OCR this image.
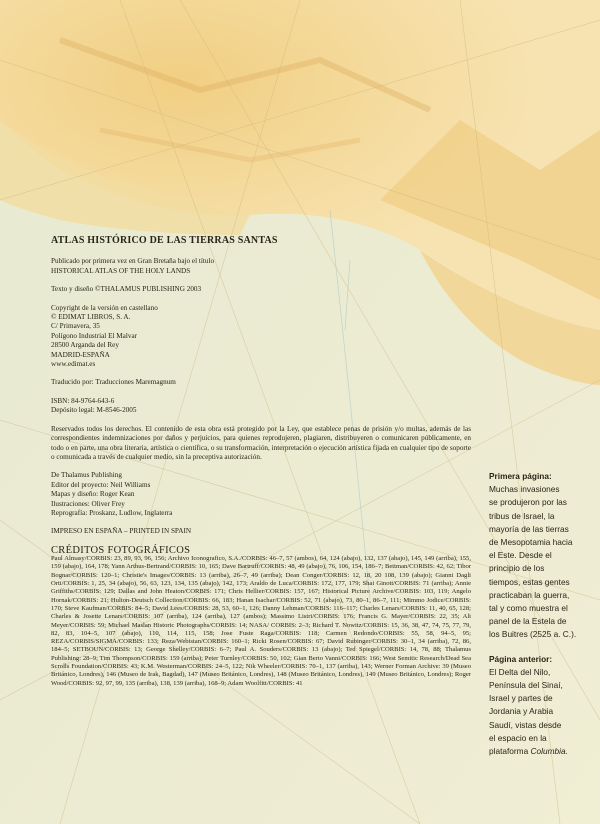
ATLAS HISTÓRICO DE LAS TIERRAS SANTAS

Publicado por primera vez en Gran Bretaña bajo el título

HISTORICAL ATLAS OF THE HOLY LANDS

Texto y diseño ©THALAMUS PUBLISHING 2003

Copyright de la versión en castellano

© EDIMAT LIBROS, S. A.

C/ Primavera, 35

Polígono Industrial El Malvar

28500 Arganda del Rey

MADRID-ESPAÑA

www.edimat.es

Traducido por: Traducciones Maremagnum

ISBN: 84-9764-643-6

Depósito legal: M-8546-2005

Reservados todos los derechos. El contenido de esta obra está protegido por la Ley, que establece penas de prisión y/o multas, además de las correspondientes indemnizaciones por daños y perjuicios, para quienes reprodujeren, plagiaren, distribuyeren o comunicaren públicamente, en todo o en parte, una obra literaria, artística o científica, o su transformación, interpretación o ejecución artística fijada en cualquier tipo de soporte o comunicada a través de cualquier medio, sin la preceptiva autorización.

De Thalamus Publishing

Editor del proyecto: Neil Williams

Mapas y diseño: Roger Kean

Ilustraciones: Oliver Frey

Reprografía: Proskanz, Ludlow, Inglaterra

IMPRESO EN ESPAÑA – PRINTED IN SPAIN

CRÉDITOS FOTOGRÁFICOS

Paul Almasy/CORBIS: 23, 89, 93, 96, 156; Archivo Iconografico, S.A./CORBIS: 46–7, 57 (ambos), 64, 124 (abajo), 132, 137 (abajo), 145, 149 (arriba), 155, 159 (abajo), 164, 178; Yann Arthus-Bertrand/CORBIS: 10, 165; Dave Bartruff/CORBIS: 48, 49 (abajo), 76, 106, 154, 186–7; Bettman/CORBIS: 42, 62; Tibor Bognar/CORBIS: 120–1; Christie's Images/CORBIS: 13 (arriba), 26–7, 49 (arriba); Dean Conger/CORBIS: 12, 18, 20 108, 139 (abajo); Gianni Dagli Orti/CORBIS: 1, 25, 34 (abajo), 56, 63, 123, 134, 135 (abajo), 142, 173; Araldo de Luca/CORBIS: 172, 177, 179; Shai Ginott/CORBIS: 71 (arriba); Annie Griffiths/CORBIS: 129; Dallas and John Heaton/CORBIS: 171; Chris Hellier/CORBIS: 157, 167; Historical Picture Archive/CORBIS: 103, 119; Angelo Hornak/CORBIS: 21; Hulton-Deutsch Collection/CORBIS: 66, 183; Hanan Isachar/CORBIS: 52, 71 (abajo), 73, 80–1, 86–7, 111; Mimmo Jodice/CORBIS: 170; Steve Kaufman/CORBIS: 84–5; David Lees/CORBIS: 28, 53, 60–1, 126; Danny Lehman/CORBIS: 116–117; Charles Lenars/CORBIS: 11, 40, 65, 128; Charles & Josette Lenars/CORBIS: 107 (arriba), 124 (arriba), 127 (ambos); Massimo Listri/CORBIS: 176; Francis G. Mayer/CORBIS: 22, 35; Ali Meyer/CORBIS: 59; Michael Maslan Historic Photographs/CORBIS: 14; NASA/ CORBIS: 2–3; Richard T. Nowitz/CORBIS: 15, 36, 38, 47, 74, 75, 77, 79, 82, 83, 104–5, 107 (abajo), 110, 114, 115, 158; Jose Fuste Raga/CORBIS: 118; Carmen Redondo/CORBIS: 55, 58, 94–5, 95; REZA/CORBIS/SIGMA/CORBIS: 133; Reza/Webistan/CORBIS: 160–1; Ricki Rosen/CORBIS: 67; David Rubinger/CORBIS: 30–1, 34 (arriba), 72, 86, 184–5; SETBOUN/CORBIS: 13; George Shelley/CORBIS: 6–7; Paul A. Souders/CORBIS: 13 (abajo); Ted Spiegel/CORBIS: 14, 78, 88; Thalamus Publishing: 28–9; Tim Thompson/CORBIS: 159 (arriba); Peter Turnley/CORBIS: 50, 102; Gian Berto Vanni/CORBIS: 166; West Semitic Research/Dead Sea Scrolls Foundation/CORBIS: 43; K.M. Westerman/CORBIS: 24–5, 122; Nik Wheeler/CORBIS: 70–1, 137 (arriba), 143; Werner Forman Archive: 39 (Museo Británico, Londres), 146 (Museo de Irak, Bagdad), 147 (Museo Británico, Londres), 148 (Museo Británico, Londres), 149 (Museo Británico, Londres); Roger Wood/CORBIS: 92, 97, 99, 135 (arriba), 138, 139 (arriba), 168–9; Adam Woolfitt/CORBIS: 41

Primera página:

Muchas invasiones

se produjeron por las

tribus de Israel, la

mayoría de las tierras

de Mesopotamia hacia

el Este. Desde el

principio de los

tiempos, estas gentes

practicaban la guerra,

tal y como muestra el

panel de la Estela de

los Buitres (2525 a. C.).

Página anterior:

El Delta del Nilo,

Península del Sinaí,

Israel y partes de

Jordania y Arabia

Saudí, vistas desde

el espacio en la

plataforma Columbia.
